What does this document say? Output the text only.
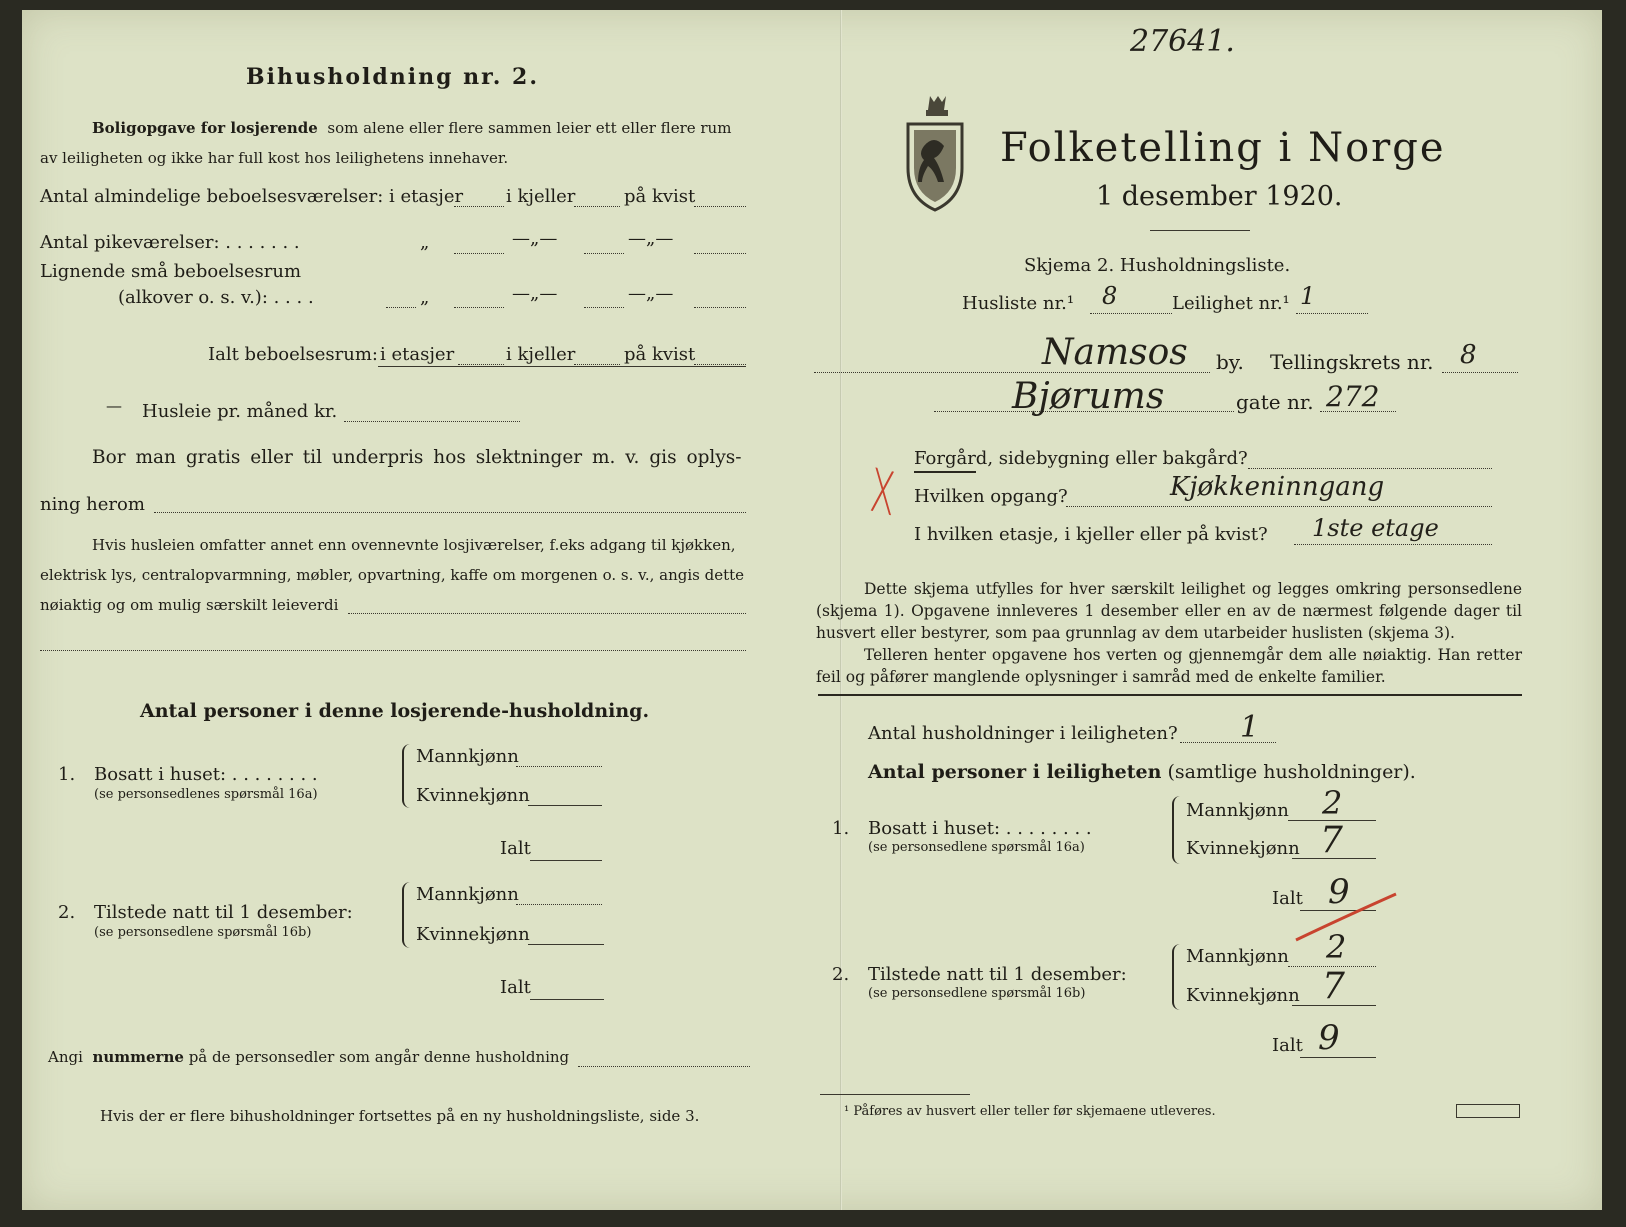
Bihusholdning nr. 2.
Boligopgave for losjerende som alene eller flere sammen leier ett eller flere rum
av leiligheten og ikke har full kost hos leilighetens innehaver.
Antal almindelige beboelsesværelser: i etasjer i kjeller	på kvist
Antal pikeværelser: . . . . . . .	„	—„—	—„—
Lignende små beboelsesrum
(alkover o. s. v.): . . . .	„	—„—	—„—
Ialt beboelsesrum: i etasjer	i kjeller	på kvist
— Husleie pr. måned kr.
Bor man gratis eller til underpris hos slektninger m. v. gis oplys-
ning herom
Hvis husleien omfatter annet enn ovennevnte losjiværelser, f.eks adgang til kjøkken,
elektrisk lys, centralopvarmning, møbler, opvartning, kaffe om morgenen o. s. v., angis dette
nøiaktig og om mulig særskilt leieverdi
Antal personer i denne losjerende-husholdning.
1. Bosatt i huset: . . . . . . . .
(se personsedlenes spørsmål 16a)
Mannkjønn
Kvinnekjønn
Ialt
2. Tilstede natt til 1 desember:
(se personsedlene spørsmål 16b)
Mannkjønn
Kvinnekjønn
Ialt
Angi nummerne på de personsedler som angår denne husholdning
Hvis der er flere bihusholdninger fortsettes på en ny husholdningsliste, side 3.
27641.
Folketelling i Norge
1 desember 1920.
Skjema 2. Husholdningsliste.
Husliste nr.¹ 8	Leilighet nr.¹ 1
Namsos by. Tellingskrets nr. 8
Bjørums	gate nr. 272
X Forgård, sidebygning eller bakgård?
Hvilken opgang?	Kjøkkeninngang
I hvilken etasje, i kjeller eller på kvist? 1ste etage
Dette skjema utfylles for hver særskilt leilighet og legges omkring personsedlene (skjema 1). Opgavene innleveres 1 desember eller en av de nærmest følgende dager til husvert eller bestyrer, som paa grunnlag av dem utarbeider huslisten (skjema 3).
Telleren henter opgavene hos verten og gjennemgår dem alle nøiaktig. Han retter feil og påfører manglende oplysninger i samråd med de enkelte familier.
Antal husholdninger i leiligheten? 1
Antal personer i leiligheten (samtlige husholdninger).
1. Bosatt i huset: . . . . . . . .
(se personsedlene spørsmål 16a)
Mannkjønn 2
Kvinnekjønn 7
Ialt 9
2. Tilstede natt til 1 desember:
(se personsedlene spørsmål 16b)
Mannkjønn 2
Kvinnekjønn 7
Ialt 9
¹ Påføres av husvert eller teller før skjemaene utleveres.
